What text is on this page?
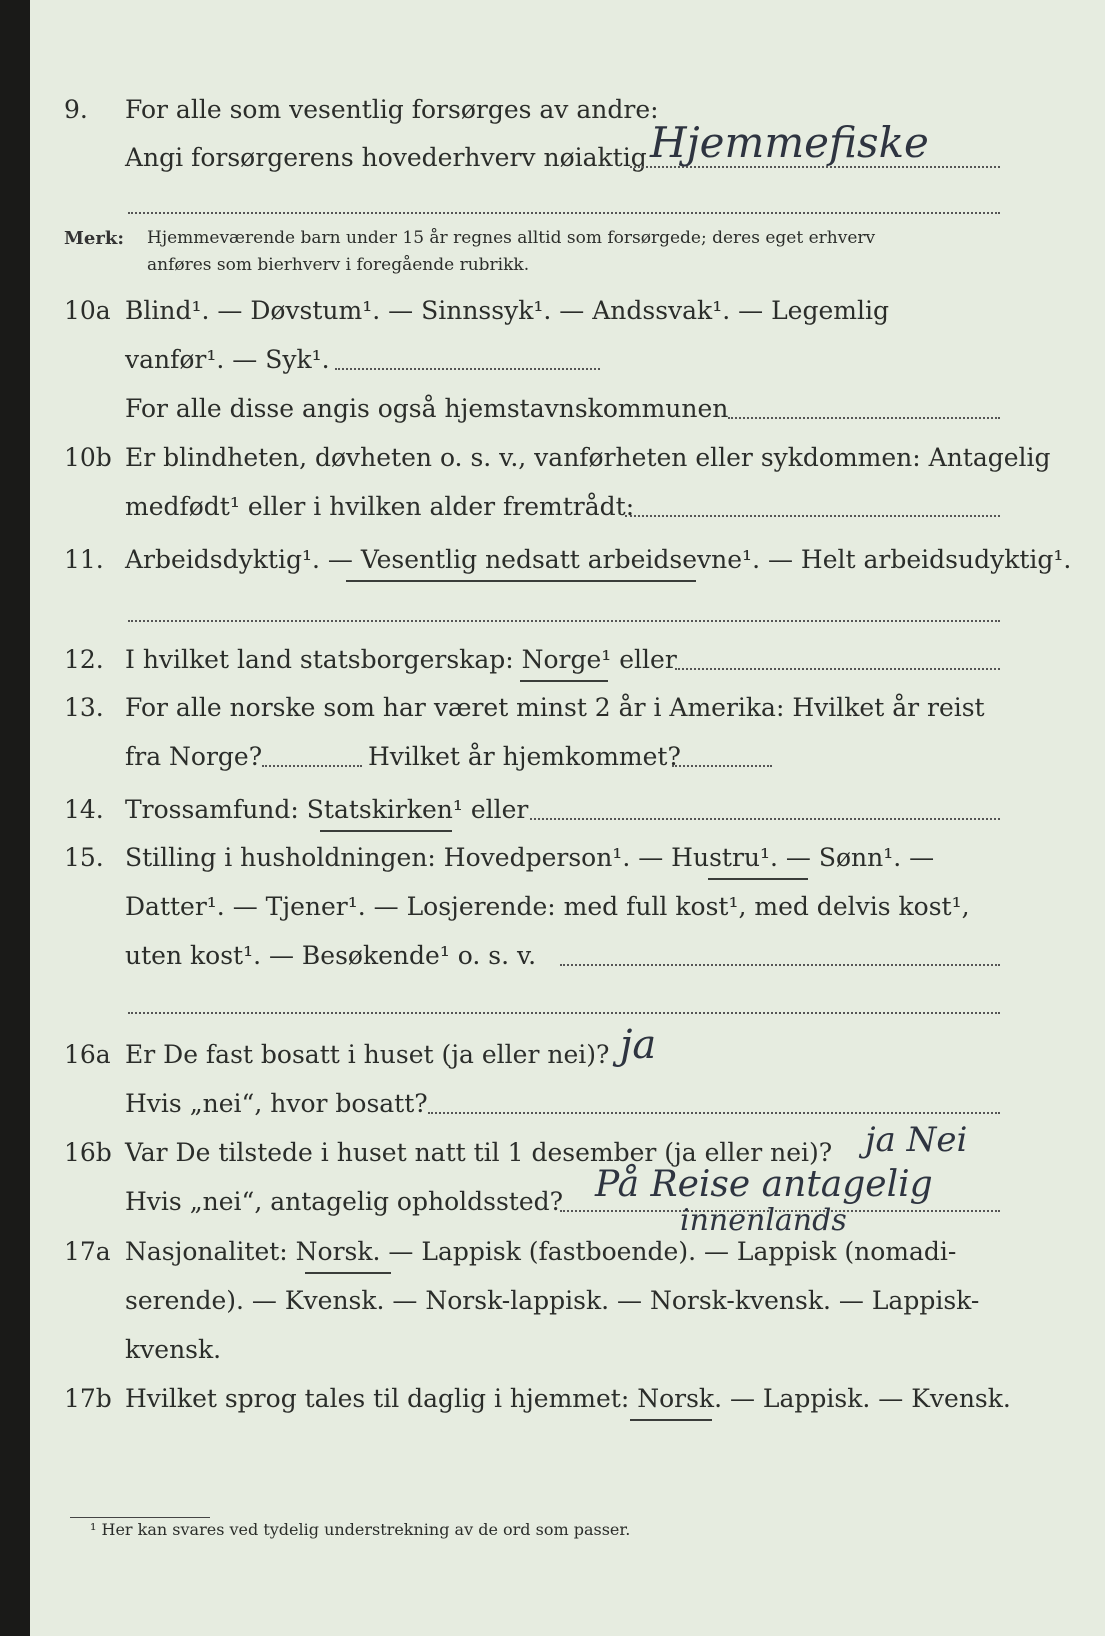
9. For alle som vesentlig forsørges av andre:
Angi forsørgerens hovederhverv nøiaktig Hjemmefiske
Merk: Hjemmeværende barn under 15 år regnes alltid som forsørgede; deres eget erhverv
anføres som bierhverv i foregående rubrikk.
10a Blind¹. — Døvstum¹. — Sinnssyk¹. — Andssvak¹. — Legemlig
vanfør¹. — Syk¹.
For alle disse angis også hjemstavnskommunen
10b Er blindheten, døvheten o. s. v., vanførheten eller sykdommen: Antagelig
medfødt¹ eller i hvilken alder fremtrådt:
11. Arbeidsdyktig¹. — Vesentlig nedsatt arbeidsevne¹. — Helt arbeidsudyktig¹.
12. I hvilket land statsborgerskap: Norge¹ eller
13. For alle norske som har været minst 2 år i Amerika: Hvilket år reist
fra Norge?	Hvilket år hjemkommet?
14. Trossamfund: Statskirken¹ eller
15. Stilling i husholdningen: Hovedperson¹. — Hustru¹. — Sønn¹. —
Datter¹. — Tjener¹. — Losjerende: med full kost¹, med delvis kost¹,
uten kost¹. — Besøkende¹ o. s. v.
16a Er De fast bosatt i huset (ja eller nei)? ja
Hvis „nei“, hvor bosatt?
16b Var De tilstede i huset natt til 1 desember (ja eller nei)? ja Nei
Hvis „nei“, antagelig opholdssted? På Reise antagelig
innenlands
17a Nasjonalitet: Norsk. — Lappisk (fastboende). — Lappisk (nomadi-
serende). — Kvensk. — Norsk-lappisk. — Norsk-kvensk. — Lappisk-
kvensk.
17b Hvilket sprog tales til daglig i hjemmet: Norsk. — Lappisk. — Kvensk.
¹ Her kan svares ved tydelig understrekning av de ord som passer.
